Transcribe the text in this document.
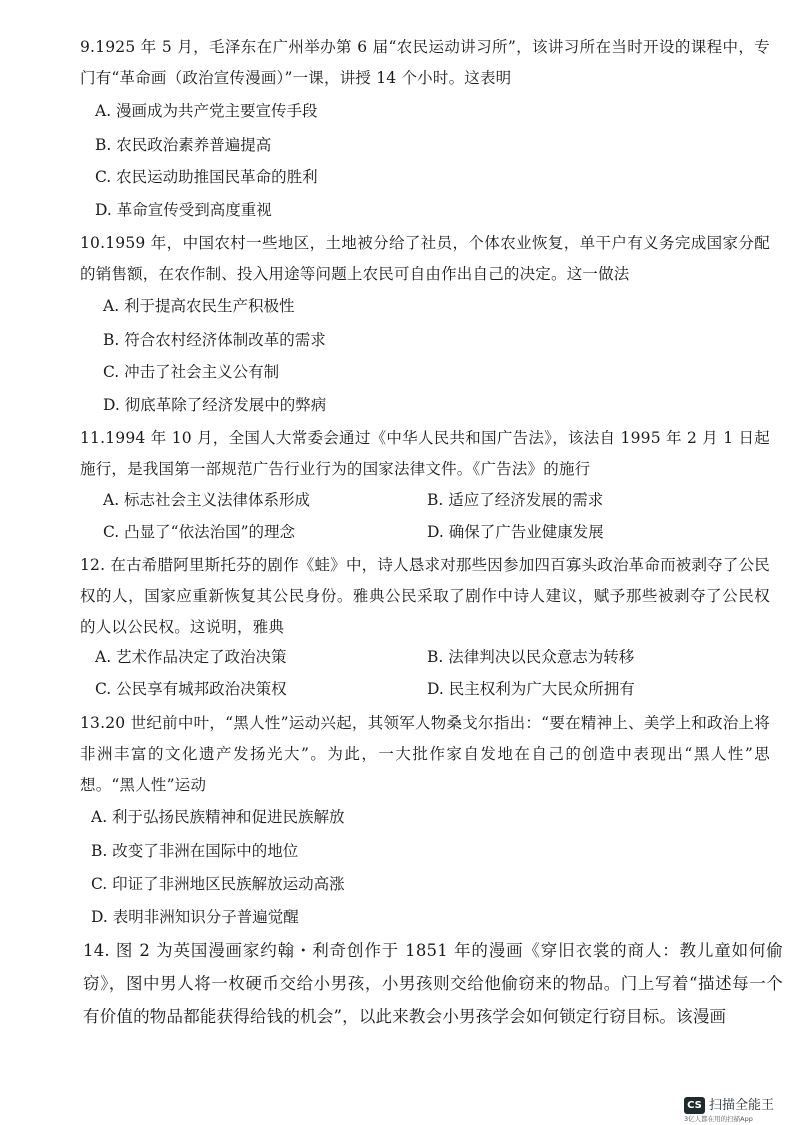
9.1925 年 5 月，毛泽东在广州举办第 6 届“农民运动讲习所”，该讲习所在当时开设的课程中，专门有“革命画（政治宣传漫画）”一课，讲授 14 个小时。这表明
A. 漫画成为共产党主要宣传手段
B. 农民政治素养普遍提高
C. 农民运动助推国民革命的胜利
D. 革命宣传受到高度重视
10.1959 年，中国农村一些地区，土地被分给了社员，个体农业恢复，单干户有义务完成国家分配的销售额，在农作制、投入用途等问题上农民可自由作出自己的决定。这一做法
A. 利于提高农民生产积极性
B. 符合农村经济体制改革的需求
C. 冲击了社会主义公有制
D. 彻底革除了经济发展中的弊病
11.1994 年 10 月，全国人大常委会通过《中华人民共和国广告法》，该法自 1995 年 2 月 1 日起施行，是我国第一部规范广告行业行为的国家法律文件。《广告法》的施行
A. 标志社会主义法律体系形成	B. 适应了经济发展的需求
C. 凸显了“依法治国”的理念	D. 确保了广告业健康发展
12. 在古希腊阿里斯托芬的剧作《蛙》中，诗人恳求对那些因参加四百寡头政治革命而被剥夺了公民权的人，国家应重新恢复其公民身份。雅典公民采取了剧作中诗人建议，赋予那些被剥夺了公民权的人以公民权。这说明，雅典
A. 艺术作品决定了政治决策	B. 法律判决以民众意志为转移
C. 公民享有城邦政治决策权	D. 民主权利为广大民众所拥有
13.20 世纪前中叶，“黑人性”运动兴起，其领军人物桑戈尔指出：“要在精神上、美学上和政治上将非洲丰富的文化遗产发扬光大”。为此，一大批作家自发地在自己的创造中表现出“黑人性”思想。“黑人性”运动
A. 利于弘扬民族精神和促进民族解放
B. 改变了非洲在国际中的地位
C. 印证了非洲地区民族解放运动高涨
D. 表明非洲知识分子普遍觉醒
14. 图 2 为英国漫画家约翰・利奇创作于 1851 年的漫画《穿旧衣裳的商人：教儿童如何偷窃》，图中男人将一枚硬币交给小男孩，小男孩则交给他偷窃来的物品。门上写着“描述每一个有价值的物品都能获得给钱的机会”，以此来教会小男孩学会如何锁定行窃目标。该漫画
CS 扫描全能王
3亿人都在用的扫描App
